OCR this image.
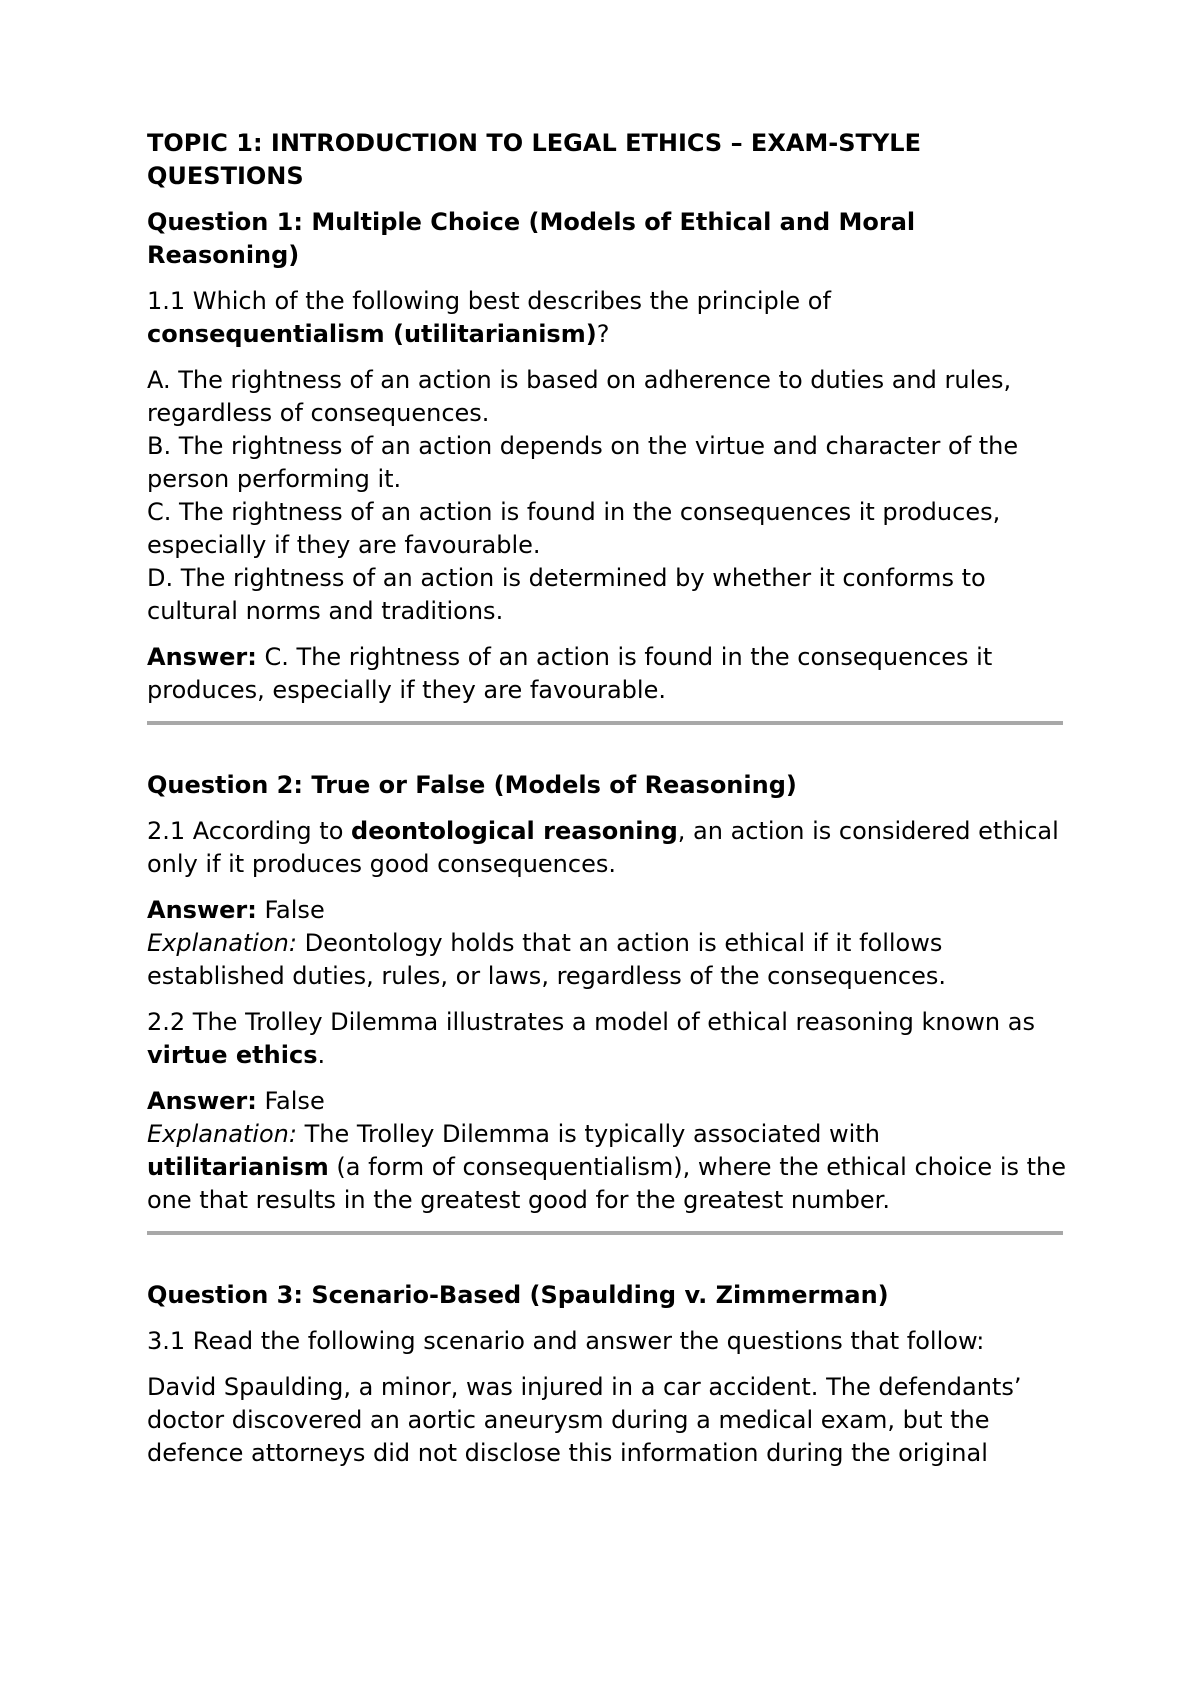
TOPIC 1: INTRODUCTION TO LEGAL ETHICS – EXAM-STYLE QUESTIONS

Question 1: Multiple Choice (Models of Ethical and Moral Reasoning)

1.1 Which of the following best describes the principle of consequentialism (utilitarianism)?

A. The rightness of an action is based on adherence to duties and rules, regardless of consequences.

B. The rightness of an action depends on the virtue and character of the person performing it.

C. The rightness of an action is found in the consequences it produces, especially if they are favourable.

D. The rightness of an action is determined by whether it conforms to cultural norms and traditions.

Answer: C. The rightness of an action is found in the consequences it produces, especially if they are favourable.

Question 2: True or False (Models of Reasoning)

2.1 According to deontological reasoning, an action is considered ethical only if it produces good consequences.

Answer: False

Explanation: Deontology holds that an action is ethical if it follows established duties, rules, or laws, regardless of the consequences.

2.2 The Trolley Dilemma illustrates a model of ethical reasoning known as virtue ethics.

Answer: False

Explanation: The Trolley Dilemma is typically associated with utilitarianism (a form of consequentialism), where the ethical choice is the one that results in the greatest good for the greatest number.

Question 3: Scenario-Based (Spaulding v. Zimmerman)

3.1 Read the following scenario and answer the questions that follow:

David Spaulding, a minor, was injured in a car accident. The defendants’ doctor discovered an aortic aneurysm during a medical exam, but the defence attorneys did not disclose this information during the original
